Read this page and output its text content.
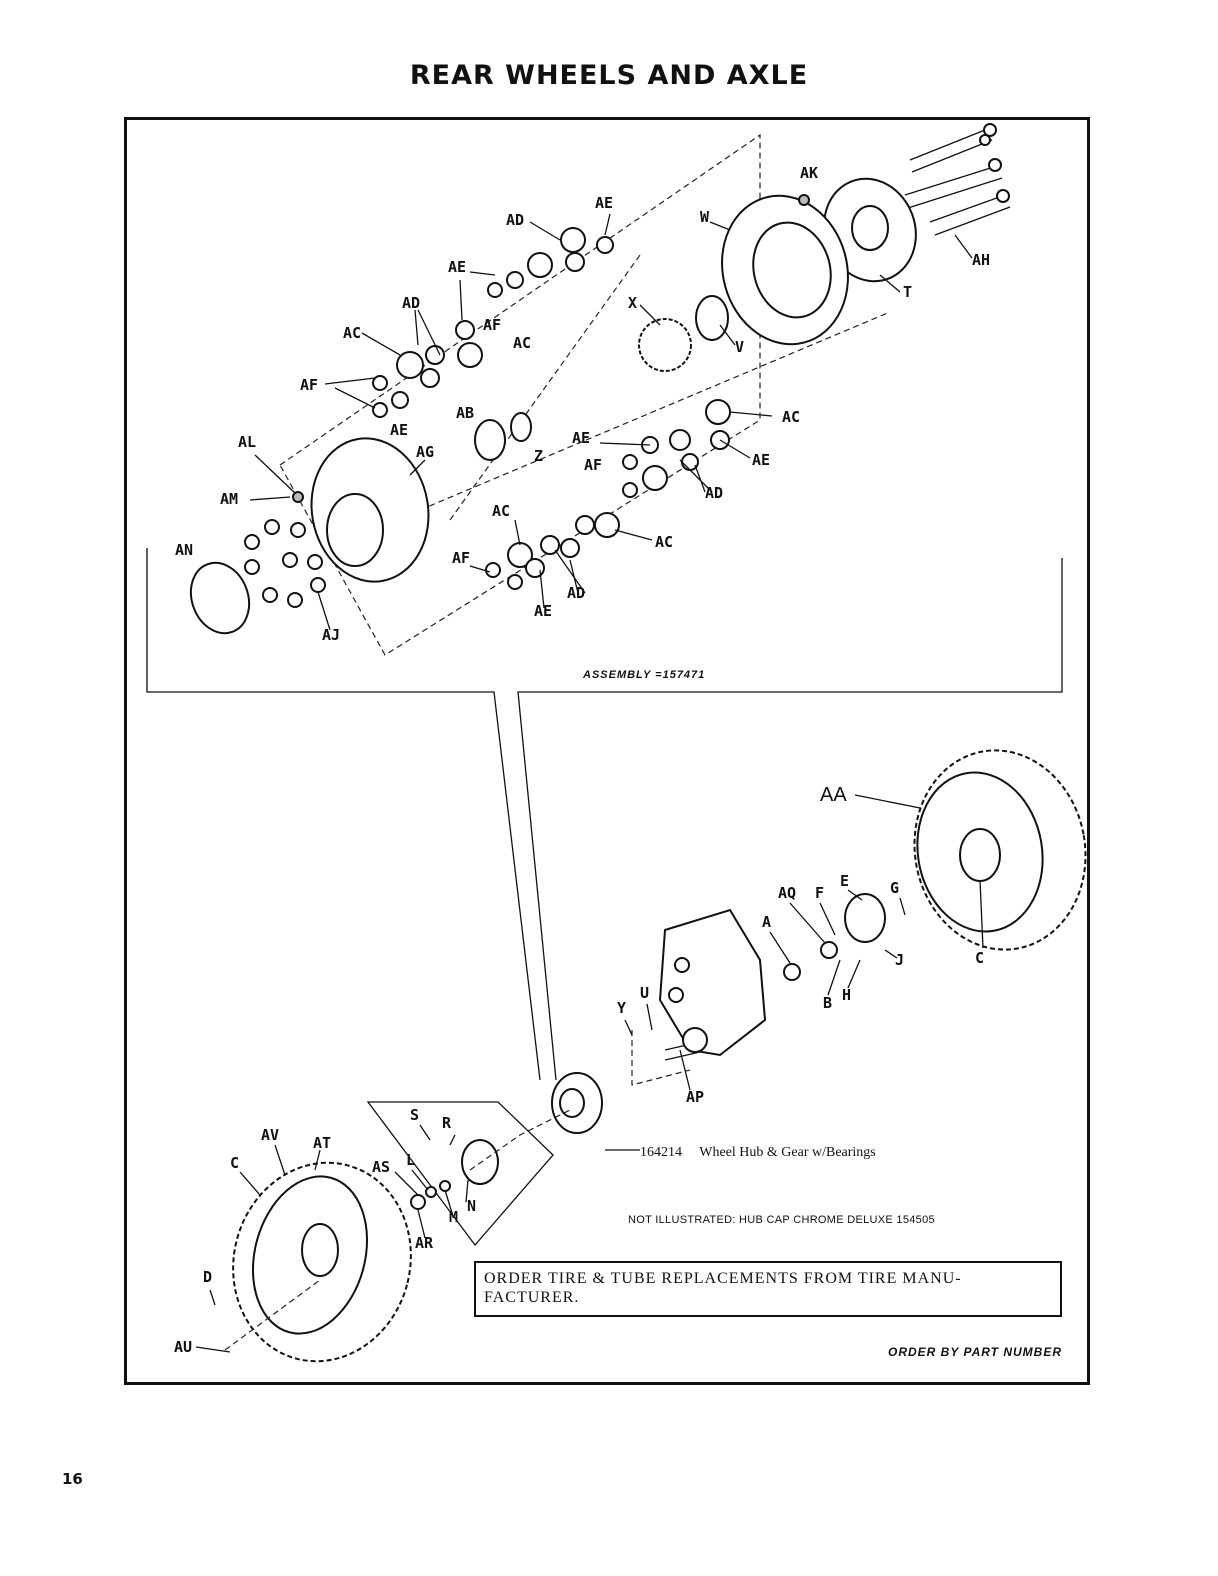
REAR WHEELS AND AXLE
AK
W
AE
AD
AH
AE
T
X
AD
AF
AC
V
AC
AF
AE
AB
Z
AC
AL
AG
AE
AF	AE
AM	AD
AC
AC
AN	AF
AD
AE
AJ
AA
AQ F
E	G
A
J	C
B H
U
Y
AP
S R
AV AT
C	AS L
N
M
AR
D
AU
ASSEMBLY =157471
164214 Wheel Hub & Gear w/Bearings
NOT ILLUSTRATED: HUB CAP CHROME DELUXE 154505
ORDER TIRE & TUBE REPLACEMENTS FROM TIRE MANU-
FACTURER.
ORDER BY PART NUMBER
16
